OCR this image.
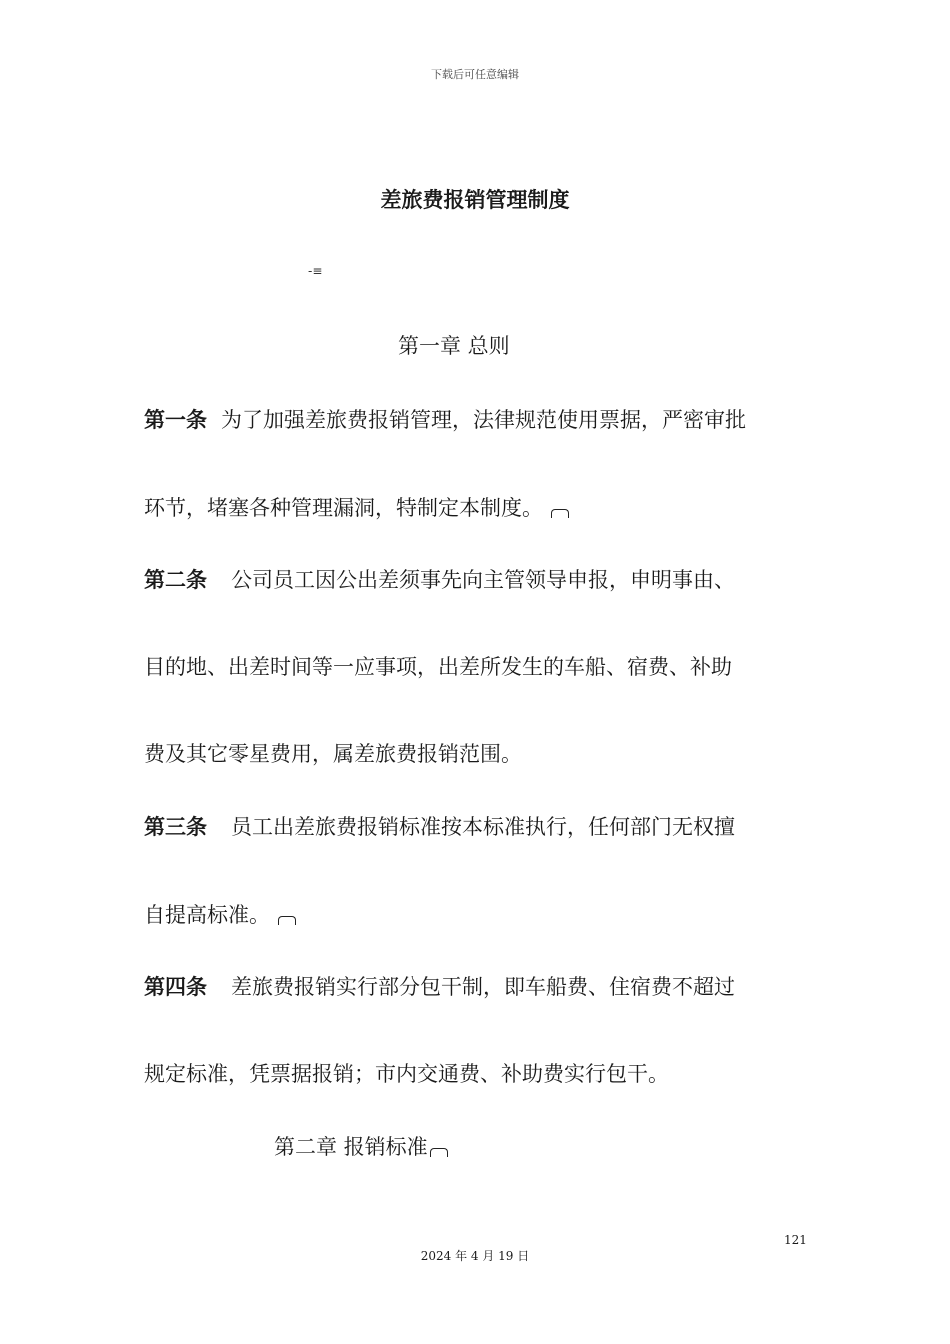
下载后可任意编辑
差旅费报销管理制度
-≡
第一章 总则
第一条 为了加强差旅费报销管理，法律规范使用票据，严密审批
环节，堵塞各种管理漏洞，特制定本制度。
第二条 公司员工因公出差须事先向主管领导申报，申明事由、
目的地、出差时间等一应事项，出差所发生的车船、宿费、补助
费及其它零星费用，属差旅费报销范围。
第三条 员工出差旅费报销标准按本标准执行，任何部门无权擅
自提高标准。
第四条 差旅费报销实行部分包干制，即车船费、住宿费不超过
规定标准，凭票据报销；市内交通费、补助费实行包干。
第二章 报销标准
121
2024 年 4 月 19 日
